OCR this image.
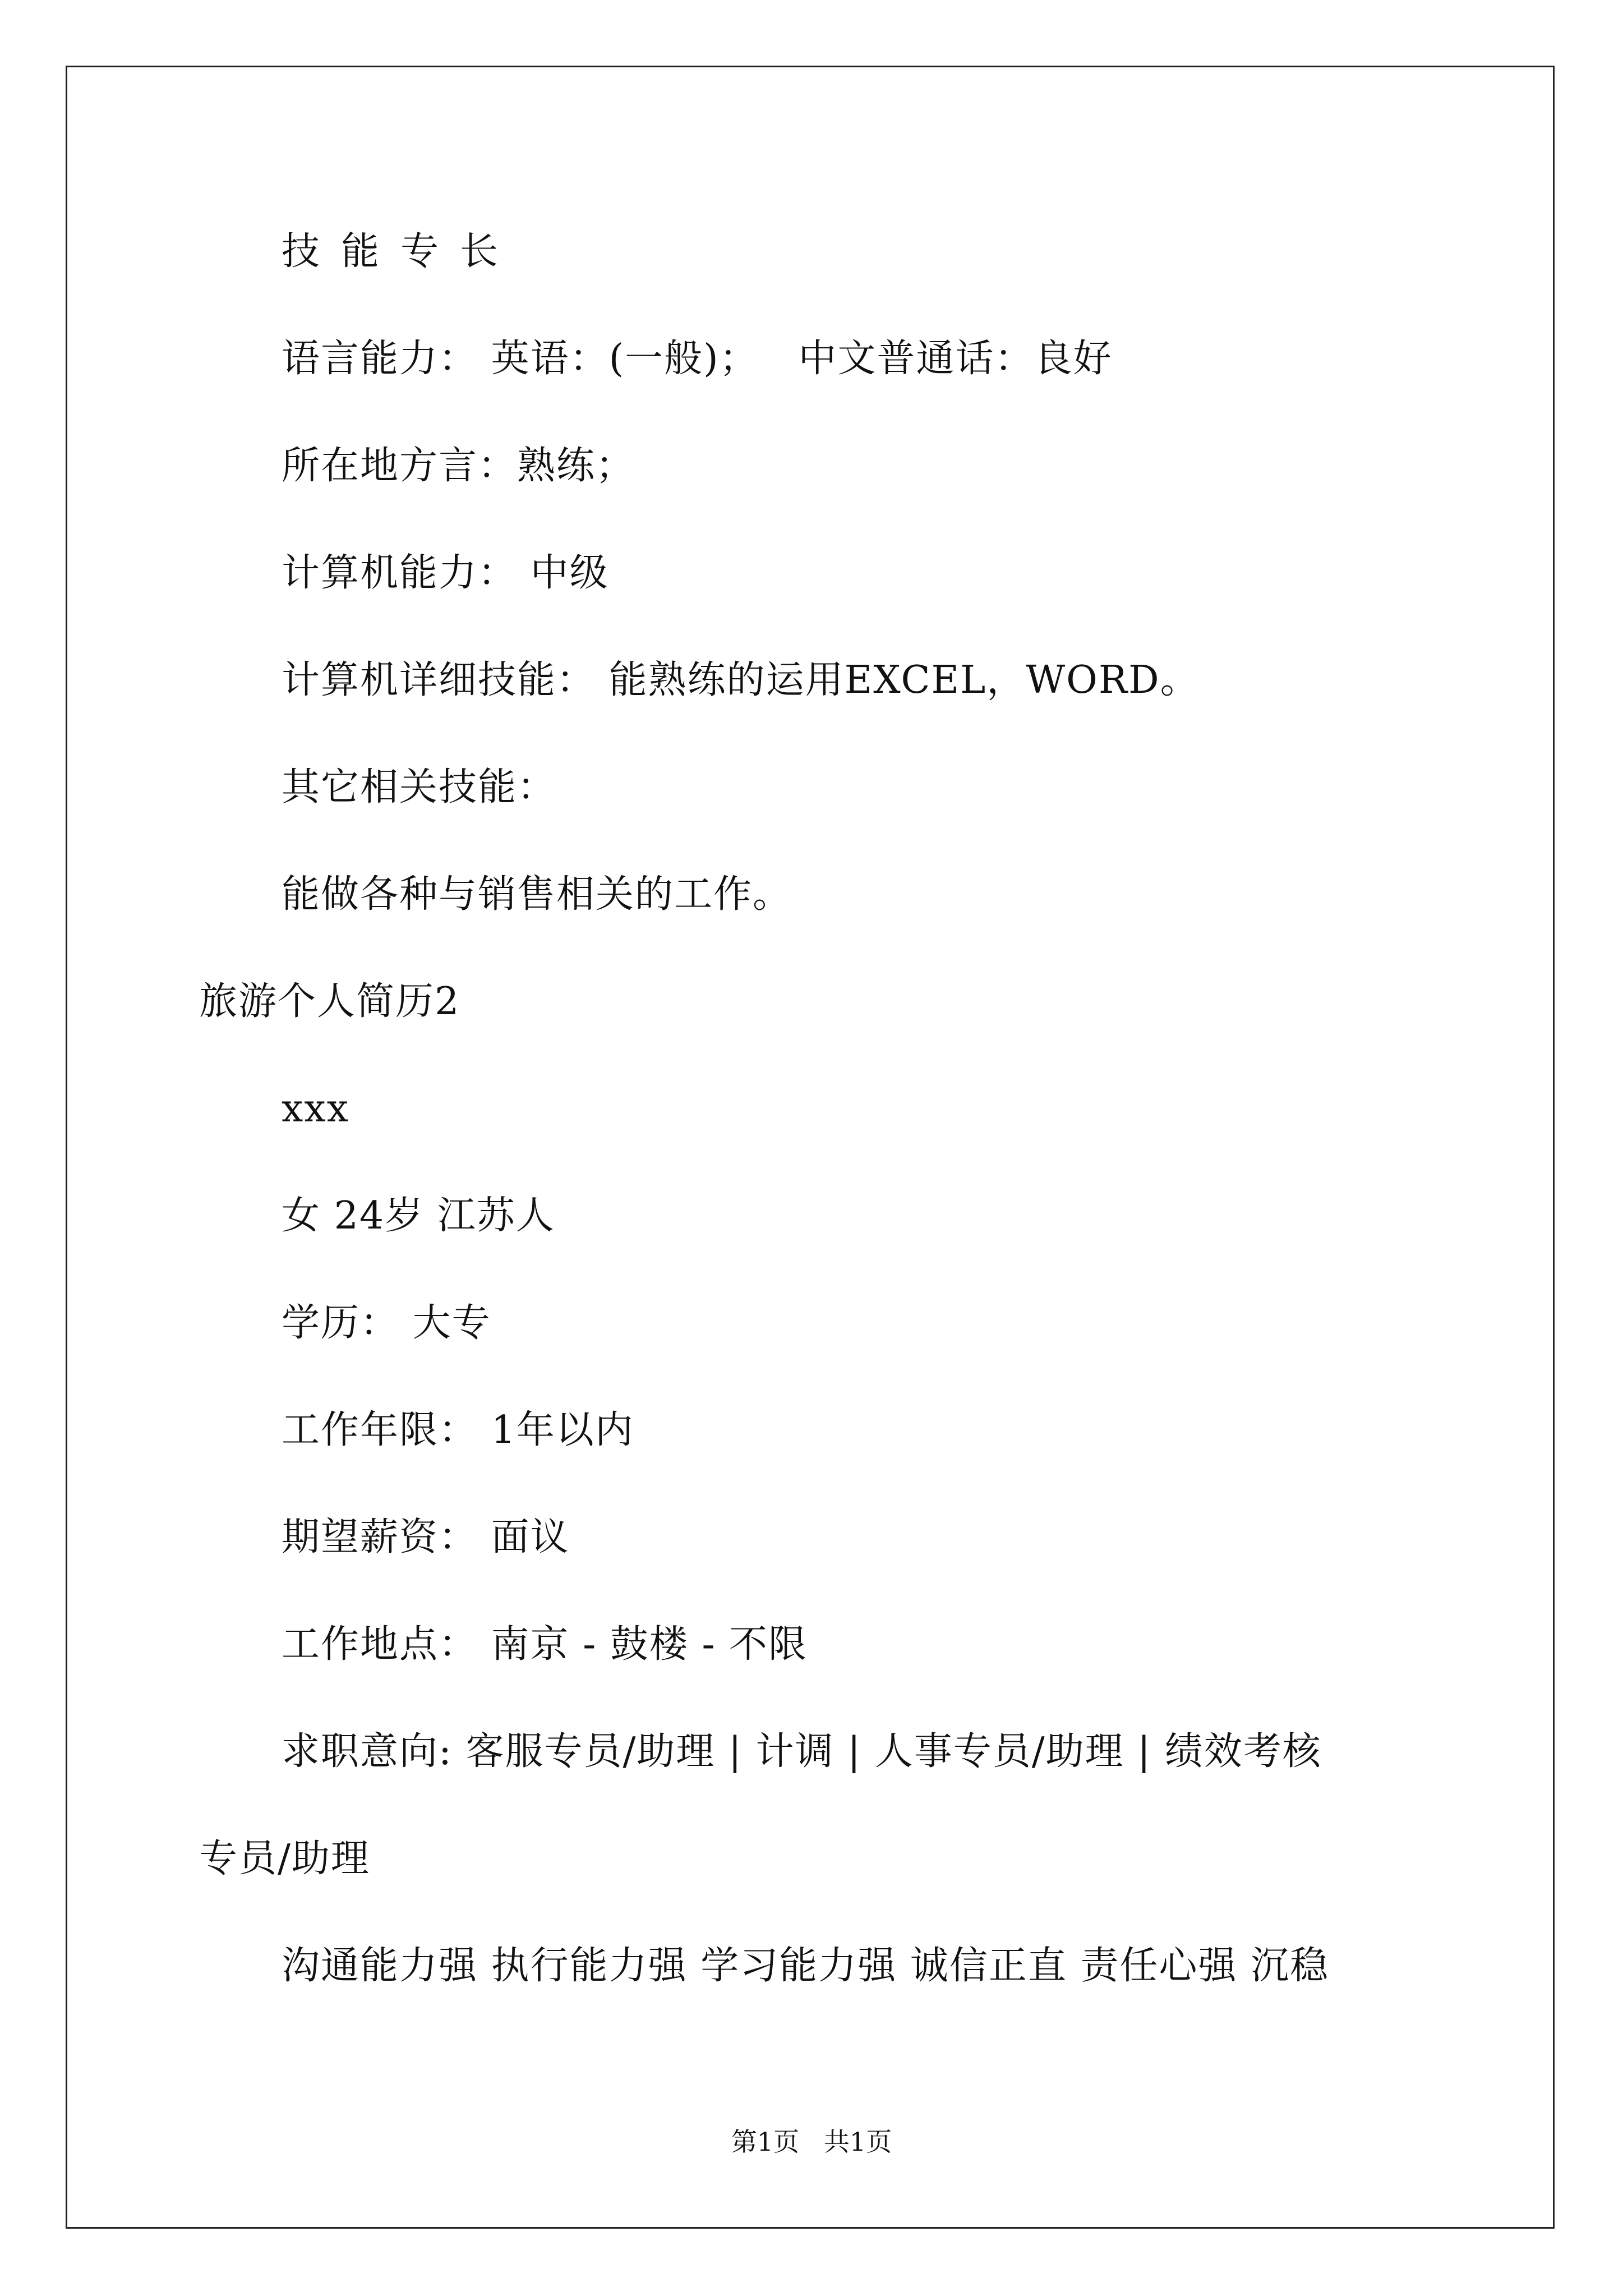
技能专长
语言能力： 英语：(一般)；   中文普通话：良好
所在地方言：熟练；
计算机能力： 中级
计算机详细技能： 能熟练的运用EXCEL，WORD。
其它相关技能：
能做各种与销售相关的工作。
旅游个人简历2
xxx
女 24岁 江苏人
学历： 大专
工作年限： 1年以内
期望薪资： 面议
工作地点： 南京 - 鼓楼 - 不限
求职意向: 客服专员/助理 | 计调 | 人事专员/助理 | 绩效考核
专员/助理
沟通能力强 执行能力强 学习能力强 诚信正直 责任心强 沉稳
第1页   共1页
